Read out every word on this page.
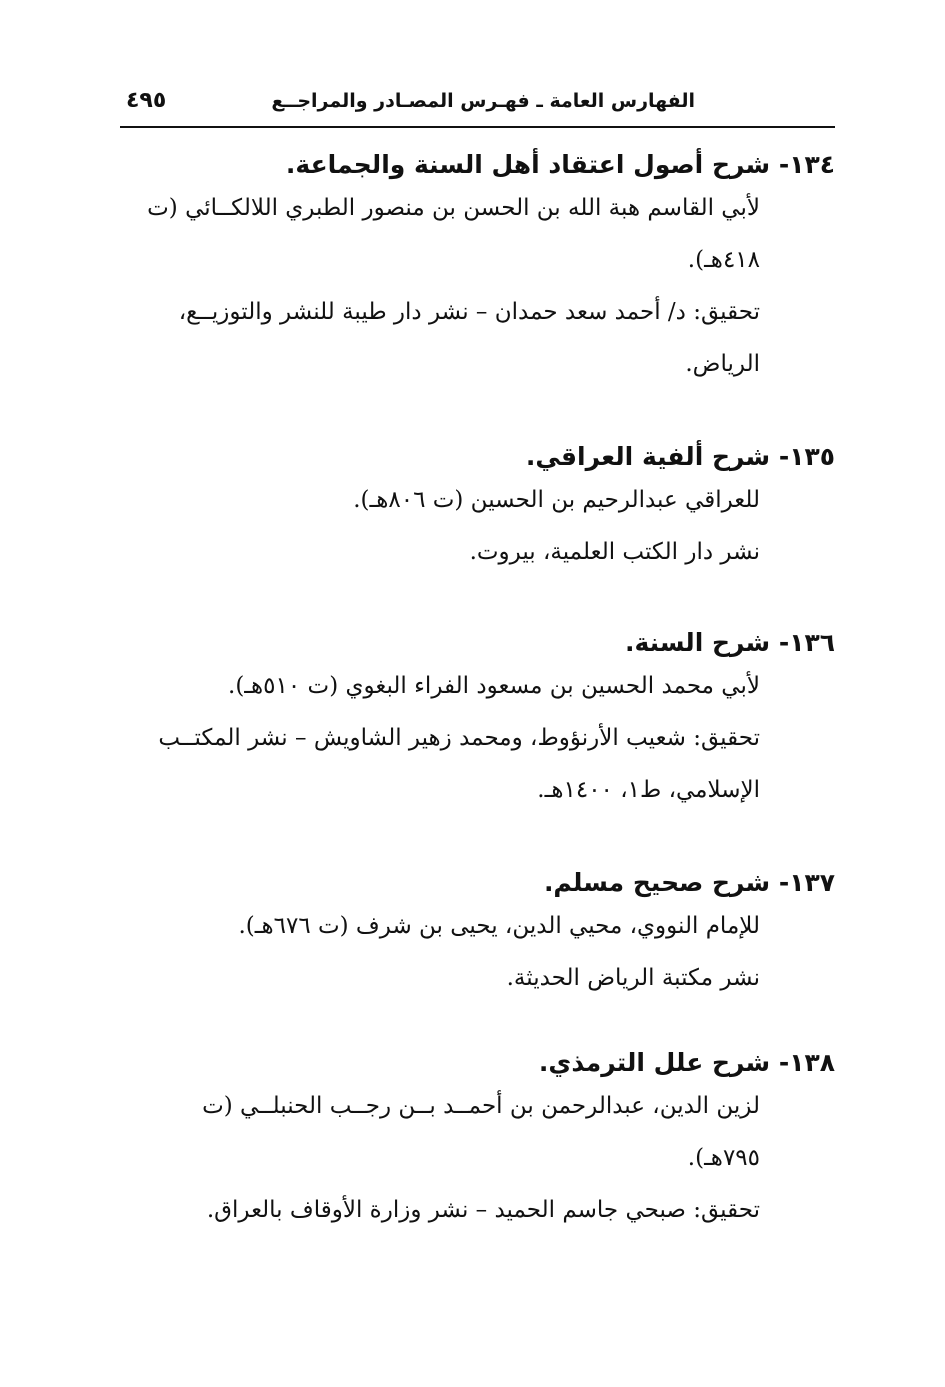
الفهارس العامة ـ فهـرس المصـادر والمراجــع
٤٩٥
١٣٤- شرح أصول اعتقاد أهل السنة والجماعة.
لأبي القاسم هبة الله بن الحسن بن منصور الطبري اللالكــائي (ت
٤١٨هـ).
تحقيق: د/ أحمد سعد حمدان – نشر دار طيبة للنشر والتوزيــع،
الرياض.
١٣٥- شرح ألفية العراقي.
للعراقي عبدالرحيم بن الحسين (ت ٨٠٦هـ).
نشر دار الكتب العلمية، بيروت.
١٣٦- شرح السنة.
لأبي محمد الحسين بن مسعود الفراء البغوي (ت ٥١٠هـ).
تحقيق: شعيب الأرنؤوط، ومحمد زهير الشاويش – نشر المكتــب
الإسلامي، ط١، ١٤٠٠هـ.
١٣٧- شرح صحيح مسلم.
للإمام النووي، محيي الدين، يحيى بن شرف (ت ٦٧٦هـ).
نشر مكتبة الرياض الحديثة.
١٣٨- شرح علل الترمذي.
لزين الدين، عبدالرحمن بن أحمــد بــن رجــب الحنبلــي (ت
٧٩٥هـ).
تحقيق: صبحي جاسم الحميد – نشر وزارة الأوقاف بالعراق.
